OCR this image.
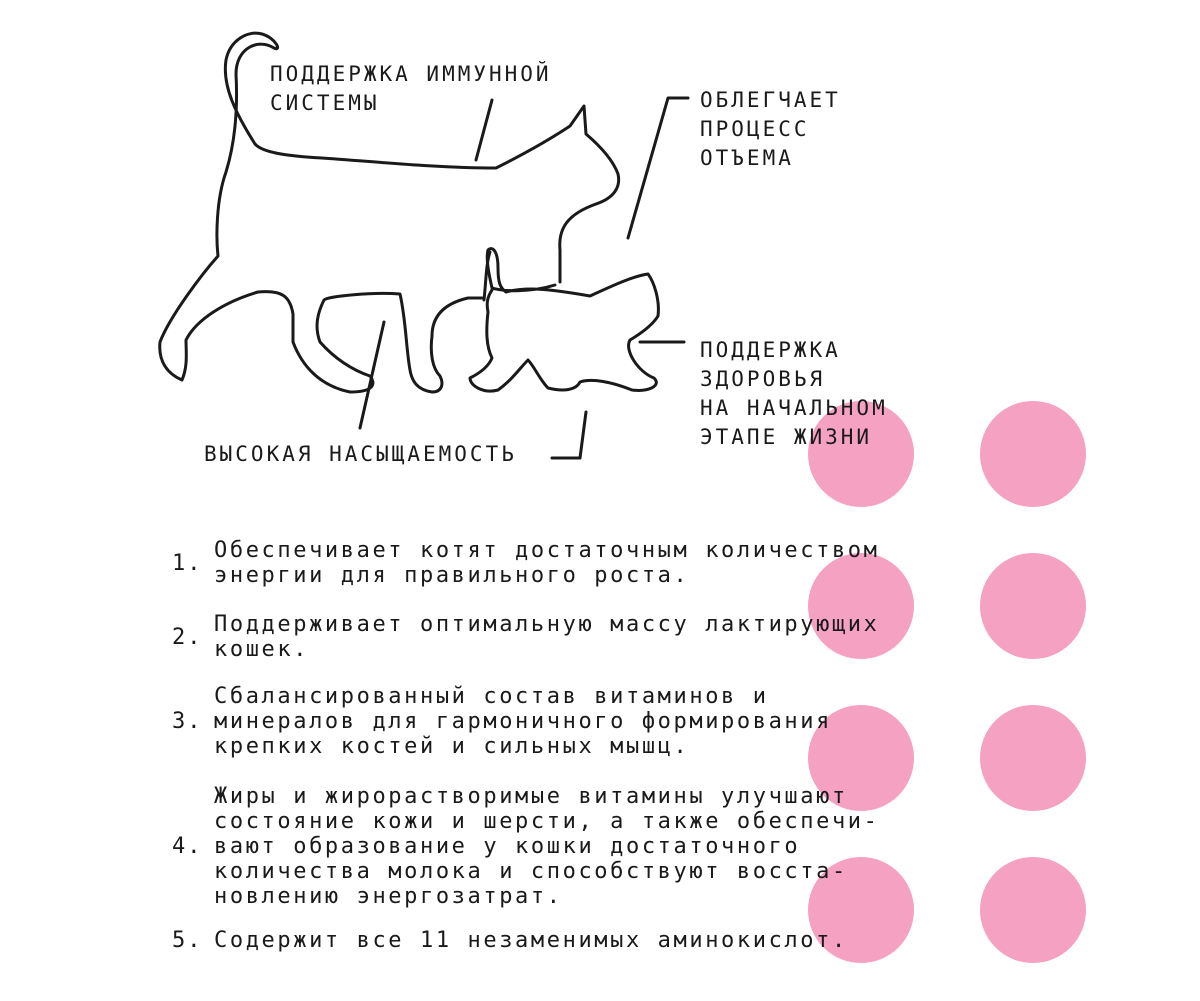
ПОДДЕРЖКА ИММУННОЙ
СИСТЕМЫ	ОБЛЕГЧАЕТ
ПРОЦЕСС
ОТЪЕМА
ПОДДЕРЖКА
ЗДОРОВЬЯ
НА НАЧАЛЬНОМ
ЭТАПЕ ЖИЗНИ
ВЫСОКАЯ НАСЫЩАЕМОСТЬ
1. Обеспечивает котят достаточным количеством
энергии для правильного роста.
2. Поддерживает оптимальную массу лактирующих
кошек.
3.
Сбалансированный состав витаминов и
минералов для гармоничного формирования
крепких костей и сильных мышц.
4.
Жиры и жирорастворимые витамины улучшают
состояние кожи и шерсти, а также обеспечи-
вают образование у кошки достаточного
количества молока и способствуют восста-
новлению энергозатрат.
5. Содержит все 11 незаменимых аминокислот.
